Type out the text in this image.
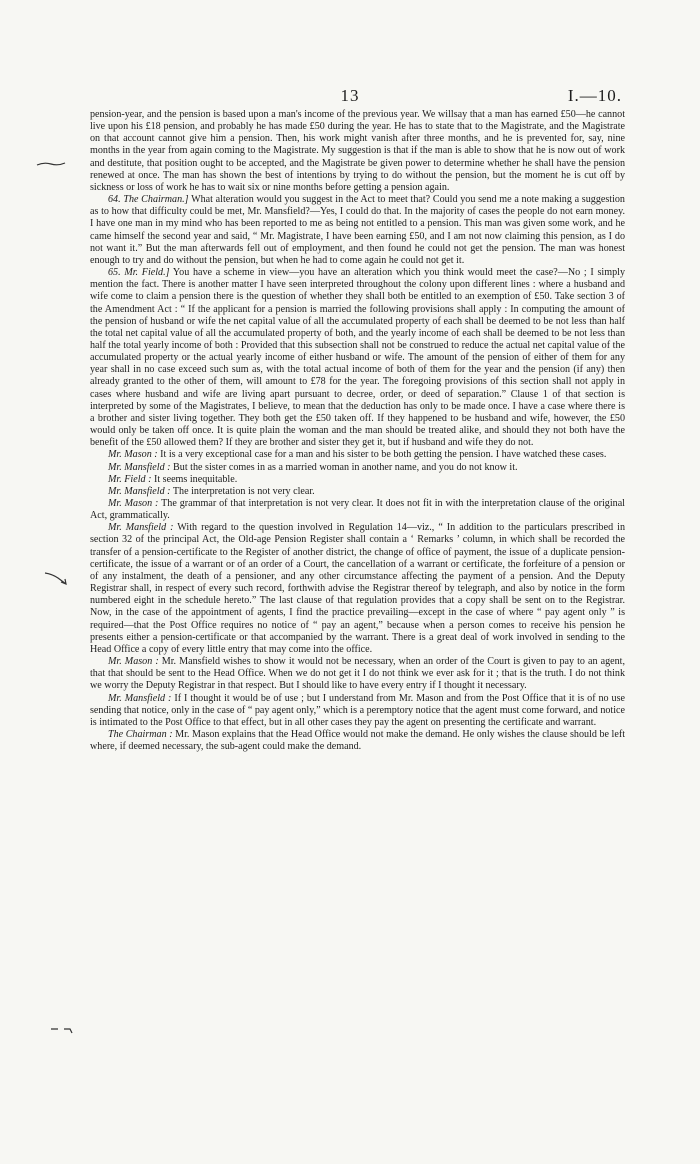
13	I.—10.

pension-year, and the pension is based upon a man's income of the previous year. We willsay that a man has earned £50—he cannot live upon his £18 pension, and probably he has made £50 during the year. He has to state that to the Magistrate, and the Magistrate on that account cannot give him a pension. Then, his work might vanish after three months, and he is prevented for, say, nine months in the year from again coming to the Magistrate. My suggestion is that if the man is able to show that he is now out of work and destitute, that position ought to be accepted, and the Magistrate be given power to determine whether he shall have the pension renewed at once. The man has shown the best of intentions by trying to do without the pension, but the moment he is cut off by sickness or loss of work he has to wait six or nine months before getting a pension again.

64. The Chairman.] What alteration would you suggest in the Act to meet that? Could you send me a note making a suggestion as to how that difficulty could be met, Mr. Mansfield?—Yes, I could do that. In the majority of cases the people do not earn money. I have one man in my mind who has been reported to me as being not entitled to a pension. This man was given some work, and he came himself the second year and said, “ Mr. Magistrate, I have been earning £50, and I am not now claiming this pension, as I do not want it.” But the man afterwards fell out of employment, and then found he could not get the pension. The man was honest enough to try and do without the pension, but when he had to come again he could not get it.

65. Mr. Field.] You have a scheme in view—you have an alteration which you think would meet the case?—No ; I simply mention the fact. There is another matter I have seen interpreted throughout the colony upon different lines : where a husband and wife come to claim a pension there is the question of whether they shall both be entitled to an exemption of £50. Take section 3 of the Amendment Act : “ If the applicant for a pension is married the following provisions shall apply : In computing the amount of the pension of husband or wife the net capital value of all the accumulated property of each shall be deemed to be not less than half the total net capital value of all the accumulated property of both, and the yearly income of each shall be deemed to be not less than half the total yearly income of both : Provided that this subsection shall not be construed to reduce the actual net capital value of the accumulated property or the actual yearly income of either husband or wife. The amount of the pension of either of them for any year shall in no case exceed such sum as, with the total actual income of both of them for the year and the pension (if any) then already granted to the other of them, will amount to £78 for the year. The foregoing provisions of this section shall not apply in cases where husband and wife are living apart pursuant to decree, order, or deed of separation.” Clause 1 of that section is interpreted by some of the Magistrates, I believe, to mean that the deduction has only to be made once. I have a case where there is a brother and sister living together. They both get the £50 taken off. If they happened to be husband and wife, however, the £50 would only be taken off once. It is quite plain the woman and the man should be treated alike, and should they not both have the benefit of the £50 allowed them? If they are brother and sister they get it, but if husband and wife they do not.

Mr. Mason : It is a very exceptional case for a man and his sister to be both getting the pension. I have watched these cases.

Mr. Mansfield : But the sister comes in as a married woman in another name, and you do not know it.

Mr. Field : It seems inequitable.

Mr. Mansfield : The interpretation is not very clear.

Mr. Mason : The grammar of that interpretation is not very clear. It does not fit in with the interpretation clause of the original Act, grammatically.

Mr. Mansfield : With regard to the question involved in Regulation 14—viz., “ In addition to the particulars prescribed in section 32 of the principal Act, the Old-age Pension Register shall contain a ‘ Remarks ’ column, in which shall be recorded the transfer of a pension-certificate to the Register of another district, the change of office of payment, the issue of a duplicate pension-certificate, the issue of a warrant or of an order of a Court, the cancellation of a warrant or certificate, the forfeiture of a pension or of any instalment, the death of a pensioner, and any other circumstance affecting the payment of a pension. And the Deputy Registrar shall, in respect of every such record, forthwith advise the Registrar thereof by telegraph, and also by notice in the form numbered eight in the schedule hereto.” The last clause of that regulation provides that a copy shall be sent on to the Registrar. Now, in the case of the appointment of agents, I find the practice prevailing—except in the case of where “ pay agent only ” is required—that the Post Office requires no notice of “ pay an agent,” because when a person comes to receive his pension he presents either a pension-certificate or that accompanied by the warrant. There is a great deal of work involved in sending to the Head Office a copy of every little entry that may come into the office.

Mr. Mason : Mr. Mansfield wishes to show it would not be necessary, when an order of the Court is given to pay to an agent, that that should be sent to the Head Office. When we do not get it I do not think we ever ask for it ; that is the truth. I do not think we worry the Deputy Registrar in that respect. But I should like to have every entry if I thought it necessary.

Mr. Mansfield : If I thought it would be of use ; but I understand from Mr. Mason and from the Post Office that it is of no use sending that notice, only in the case of “ pay agent only,” which is a peremptory notice that the agent must come forward, and notice is intimated to the Post Office to that effect, but in all other cases they pay the agent on presenting the certificate and warrant.

The Chairman : Mr. Mason explains that the Head Office would not make the demand. He only wishes the clause should be left where, if deemed necessary, the sub-agent could make the demand.
